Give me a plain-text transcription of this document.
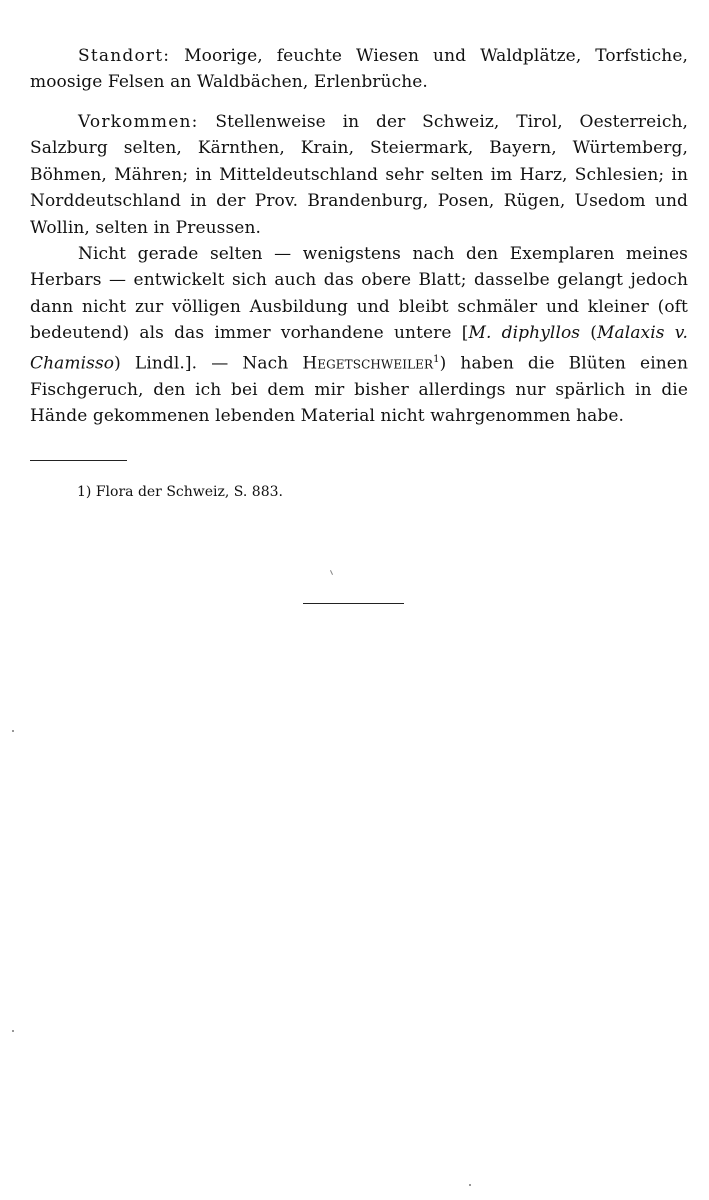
Standort: Moorige, feuchte Wiesen und Waldplätze, Torfstiche, moosige Felsen an Waldbächen, Erlenbrüche.

Vorkommen: Stellenweise in der Schweiz, Tirol, Oesterreich, Salzburg selten, Kärnthen, Krain, Steiermark, Bayern, Würtemberg, Böhmen, Mähren; in Mitteldeutschland sehr selten im Harz, Schlesien; in Norddeutschland in der Prov. Brandenburg, Posen, Rügen, Usedom und Wollin, selten in Preussen.

Nicht gerade selten — wenigstens nach den Exemplaren meines Herbars — entwickelt sich auch das obere Blatt; dasselbe gelangt jedoch dann nicht zur völligen Ausbildung und bleibt schmäler und kleiner (oft bedeutend) als das immer vorhandene untere [M. diphyllos (Malaxis v. Chamisso) Lindl.]. — Nach Hegetschweiler$^1$) haben die Blüten einen Fischgeruch, den ich bei dem mir bisher allerdings nur spärlich in die Hände gekommenen lebenden Material nicht wahrgenommen habe.

1) Flora der Schweiz, S. 883.
